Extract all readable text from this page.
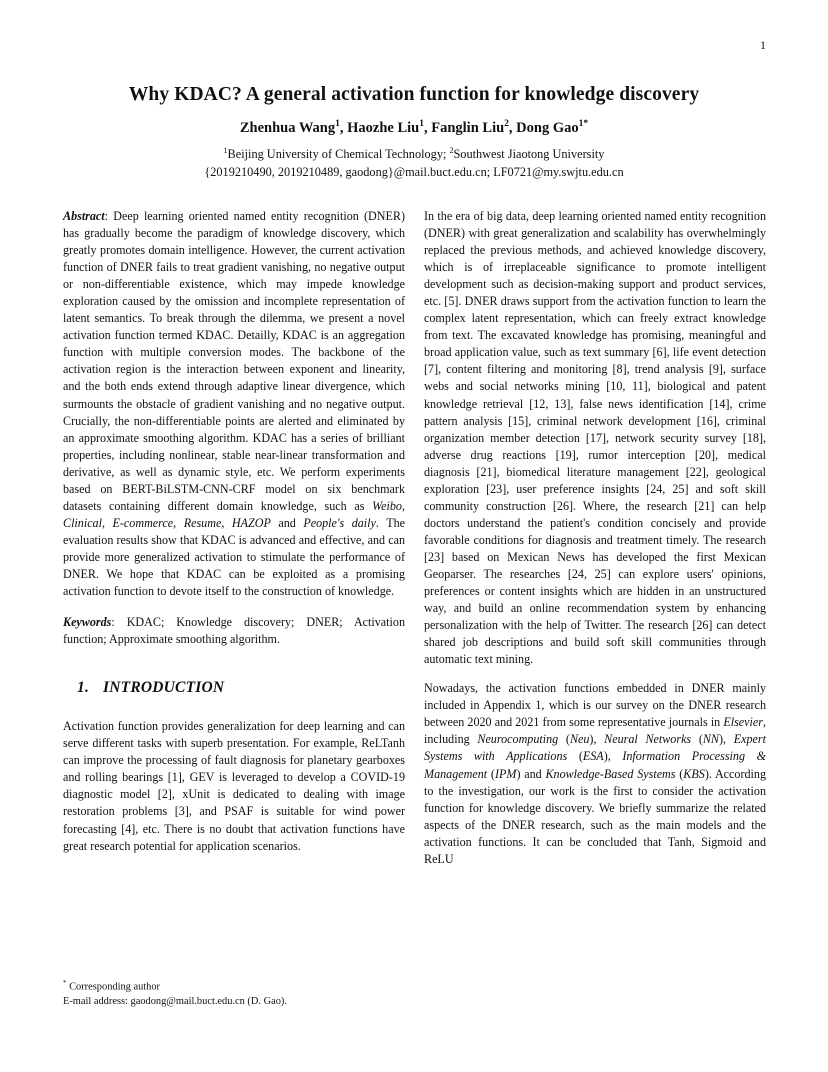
1
Why KDAC? A general activation function for knowledge discovery
Zhenhua Wang$^1$, Haozhe Liu$^1$, Fanglin Liu$^2$, Dong Gao$^{1*}$
$^1$Beijing University of Chemical Technology; $^2$Southwest Jiaotong University
{2019210490, 2019210489, gaodong}@mail.buct.edu.cn; LF0721@my.swjtu.edu.cn

Abstract: Deep learning oriented named entity recognition (DNER) has gradually become the paradigm of knowledge discovery, which greatly promotes domain intelligence. However, the current activation function of DNER fails to treat gradient vanishing, no negative output or non-differentiable existence, which may impede knowledge exploration caused by the omission and incomplete representation of latent semantics. To break through the dilemma, we present a novel activation function termed KDAC. Detailly, KDAC is an aggregation function with multiple conversion modes. The backbone of the activation region is the interaction between exponent and linearity, and the both ends extend through adaptive linear divergence, which surmounts the obstacle of gradient vanishing and no negative output. Crucially, the non-differentiable points are alerted and eliminated by an approximate smoothing algorithm. KDAC has a series of brilliant properties, including nonlinear, stable near-linear transformation and derivative, as well as dynamic style, etc. We perform experiments based on BERT-BiLSTM-CNN-CRF model on six benchmark datasets containing different domain knowledge, such as Weibo, Clinical, E-commerce, Resume, HAZOP and People's daily. The evaluation results show that KDAC is advanced and effective, and can provide more generalized activation to stimulate the performance of DNER. We hope that KDAC can be exploited as a promising activation function to devote itself to the construction of knowledge.

Keywords: KDAC; Knowledge discovery; DNER; Activation function; Approximate smoothing algorithm.

1. INTRODUCTION

Activation function provides generalization for deep learning and can serve different tasks with superb presentation. For example, ReLTanh can improve the processing of fault diagnosis for planetary gearboxes and rolling bearings [1], GEV is leveraged to develop a COVID-19 diagnostic model [2], xUnit is dedicated to dealing with image restoration problems [3], and PSAF is suitable for wind power forecasting [4], etc. There is no doubt that activation functions have great research potential for application scenarios.

In the era of big data, deep learning oriented named entity recognition (DNER) with great generalization and scalability has overwhelmingly replaced the previous methods, and achieved knowledge discovery, which is of irreplaceable significance to promote intelligent development such as decision-making support and product services, etc. [5]. DNER draws support from the activation function to learn the complex latent representation, which can freely extract knowledge from text. The excavated knowledge has promising, meaningful and broad application value, such as text summary [6], life event detection [7], content filtering and monitoring [8], trend analysis [9], surface webs and social networks mining [10, 11], biological and patent knowledge retrieval [12, 13], false news identification [14], crime pattern analysis [15], criminal network development [16], criminal organization member detection [17], network security survey [18], adverse drug reactions [19], rumor interception [20], medical diagnosis [21], biomedical literature management [22], geological exploration [23], user preference insights [24, 25] and soft skill community construction [26]. Where, the research [21] can help doctors understand the patient's condition concisely and provide favorable conditions for diagnosis and treatment timely. The research [23] based on Mexican News has developed the first Mexican Geoparser. The researches [24, 25] can explore users' opinions, preferences or content insights which are hidden in an unstructured way, and build an online recommendation system by enhancing personalization with the help of Twitter. The research [26] can detect shared job descriptions and build soft skill communities through automatic text mining.

Nowadays, the activation functions embedded in DNER mainly included in Appendix 1, which is our survey on the DNER research between 2020 and 2021 from some representative journals in Elsevier, including Neurocomputing (Neu), Neural Networks (NN), Expert Systems with Applications (ESA), Information Processing & Management (IPM) and Knowledge-Based Systems (KBS). According to the investigation, our work is the first to consider the activation function for knowledge discovery. We briefly summarize the related aspects of the DNER research, such as the main models and the activation functions. It can be concluded that Tanh, Sigmoid and ReLU

* Corresponding author
E-mail address: gaodong@mail.buct.edu.cn (D. Gao).
